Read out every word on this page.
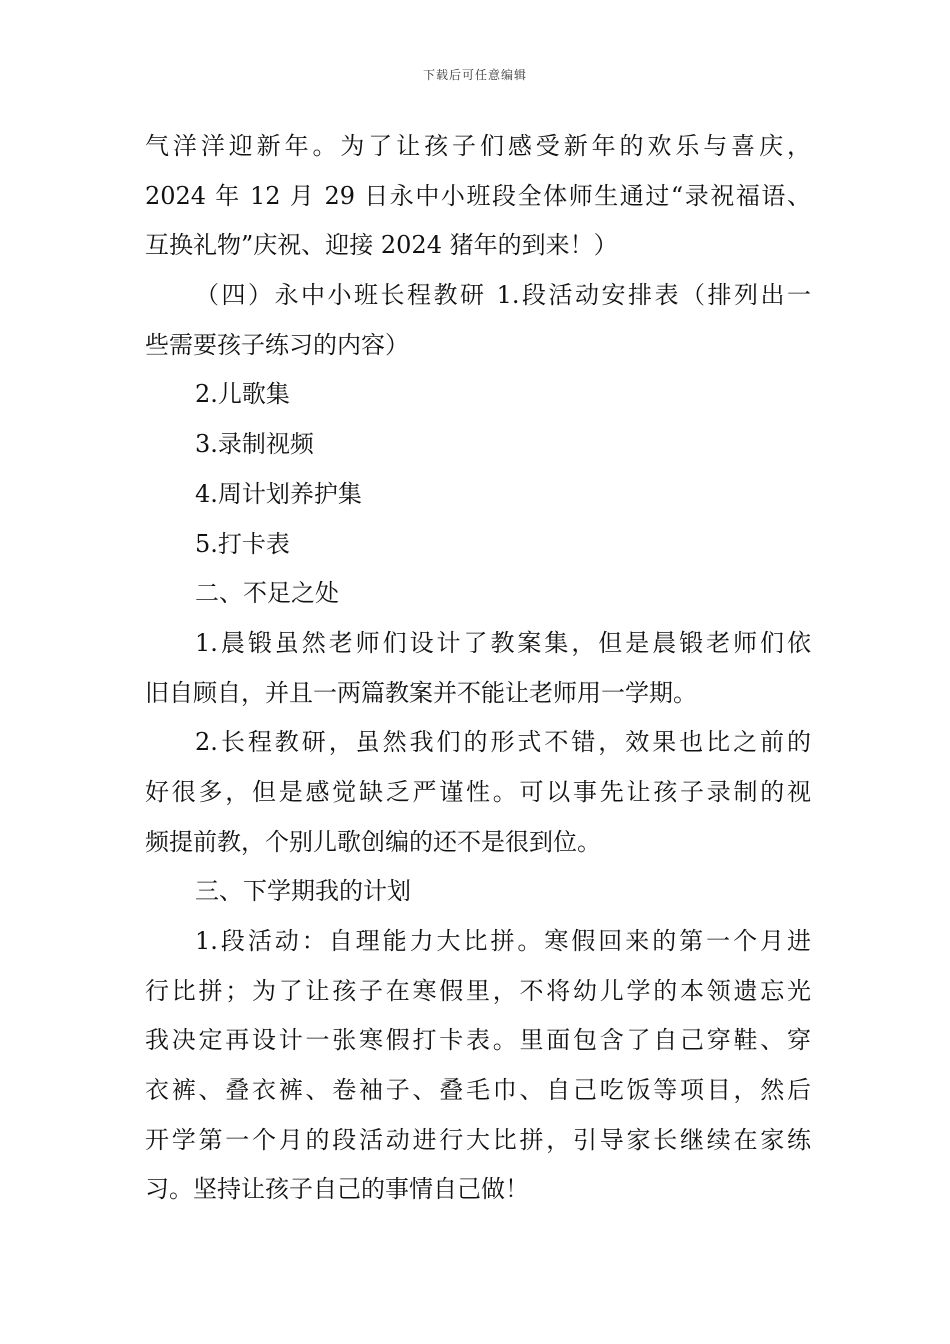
下载后可任意编辑
气洋洋迎新年。为了让孩子们感受新年的欢乐与喜庆，
2024 年 12 月 29 日永中小班段全体师生通过“录祝福语、
互换礼物”庆祝、迎接 2024 猪年的到来！）
（四）永中小班长程教研 1.段活动安排表（排列出一
些需要孩子练习的内容）
2.儿歌集
3.录制视频
4.周计划养护集
5.打卡表
二、不足之处
1.晨锻虽然老师们设计了教案集，但是晨锻老师们依
旧自顾自，并且一两篇教案并不能让老师用一学期。
2.长程教研，虽然我们的形式不错，效果也比之前的
好很多，但是感觉缺乏严谨性。可以事先让孩子录制的视
频提前教，个别儿歌创编的还不是很到位。
三、下学期我的计划
1.段活动：自理能力大比拼。寒假回来的第一个月进
行比拼；为了让孩子在寒假里，不将幼儿学的本领遗忘光
我决定再设计一张寒假打卡表。里面包含了自己穿鞋、穿
衣裤、叠衣裤、卷袖子、叠毛巾、自己吃饭等项目，然后
开学第一个月的段活动进行大比拼，引导家长继续在家练
习。坚持让孩子自己的事情自己做！
